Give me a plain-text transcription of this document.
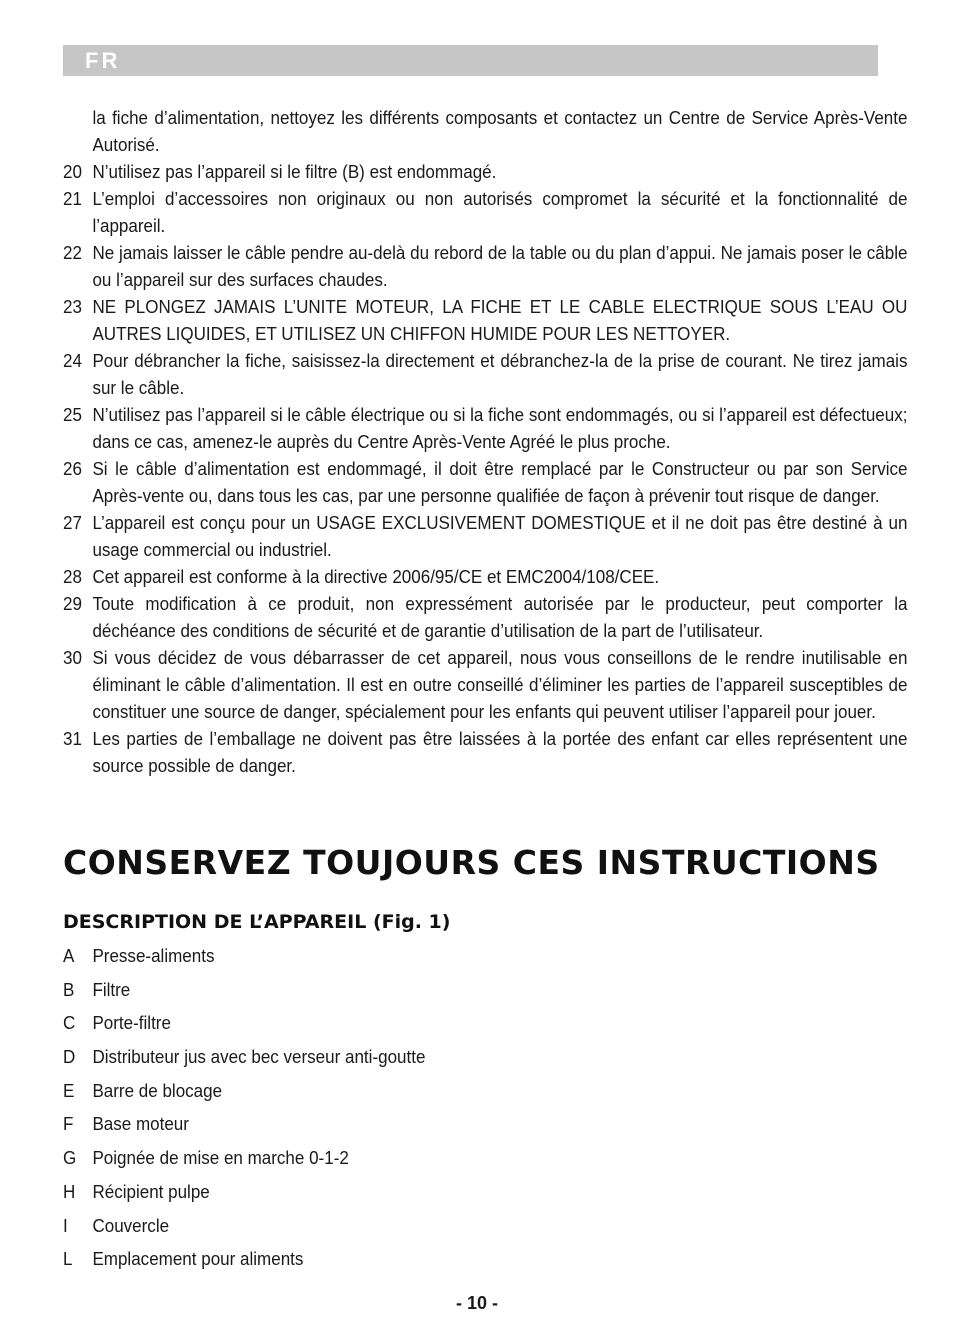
FR
la fiche d’alimentation, nettoyez les différents composants et contactez un Centre de Service Après-Vente Autorisé.
20 N’utilisez pas l’appareil si le filtre (B) est endommagé.
21 L’emploi d’accessoires non originaux ou non autorisés compromet la sécurité et la fonctionnalité de l’appareil.
22 Ne jamais laisser le câble pendre au-delà du rebord de la table ou du plan d’appui. Ne jamais poser le câble ou l’appareil sur des surfaces chaudes.
23 NE PLONGEZ JAMAIS L’UNITE MOTEUR, LA FICHE ET LE CABLE ELECTRIQUE SOUS L’EAU OU AUTRES LIQUIDES, ET UTILISEZ UN CHIFFON HUMIDE POUR LES NETTOYER.
24 Pour débrancher la fiche, saisissez-la directement et débranchez-la de la prise de courant. Ne tirez jamais sur le câble.
25 N’utilisez pas l’appareil si le câble électrique ou si la fiche sont endommagés, ou si l’appareil est défectueux; dans ce cas, amenez-le auprès du Centre Après-Vente Agréé le plus proche.
26 Si le câble d’alimentation est endommagé, il doit être remplacé par le Constructeur ou par son Service Après-vente ou, dans tous les cas, par une personne qualifiée de façon à prévenir tout risque de danger.
27 L’appareil est conçu pour un USAGE EXCLUSIVEMENT DOMESTIQUE et il ne doit pas être destiné à un usage commercial ou industriel.
28 Cet appareil est conforme à la directive 2006/95/CE et EMC2004/108/CEE.
29 Toute modification à ce produit, non expressément autorisée par le producteur, peut comporter la déchéance des conditions de sécurité et de garantie d’utilisation de la part de l’utilisateur.
30 Si vous décidez de vous débarrasser de cet appareil, nous vous conseillons de le rendre inutilisable en éliminant le câble d’alimentation. Il est en outre conseillé d’éliminer les parties de l’appareil susceptibles de constituer une source de danger, spécialement pour les enfants qui peuvent utiliser l’appareil pour jouer.
31 Les parties de l’emballage ne doivent pas être laissées à la portée des enfant car elles représentent une source possible de danger.
CONSERVEZ TOUJOURS CES INSTRUCTIONS
DESCRIPTION DE L’APPAREIL (Fig. 1)
A Presse-aliments
B Filtre
C Porte-filtre
D Distributeur jus avec bec verseur anti-goutte
E Barre de blocage
F Base moteur
G Poignée de mise en marche 0-1-2
H Récipient pulpe
I Couvercle
L Emplacement pour aliments
- 10 -
